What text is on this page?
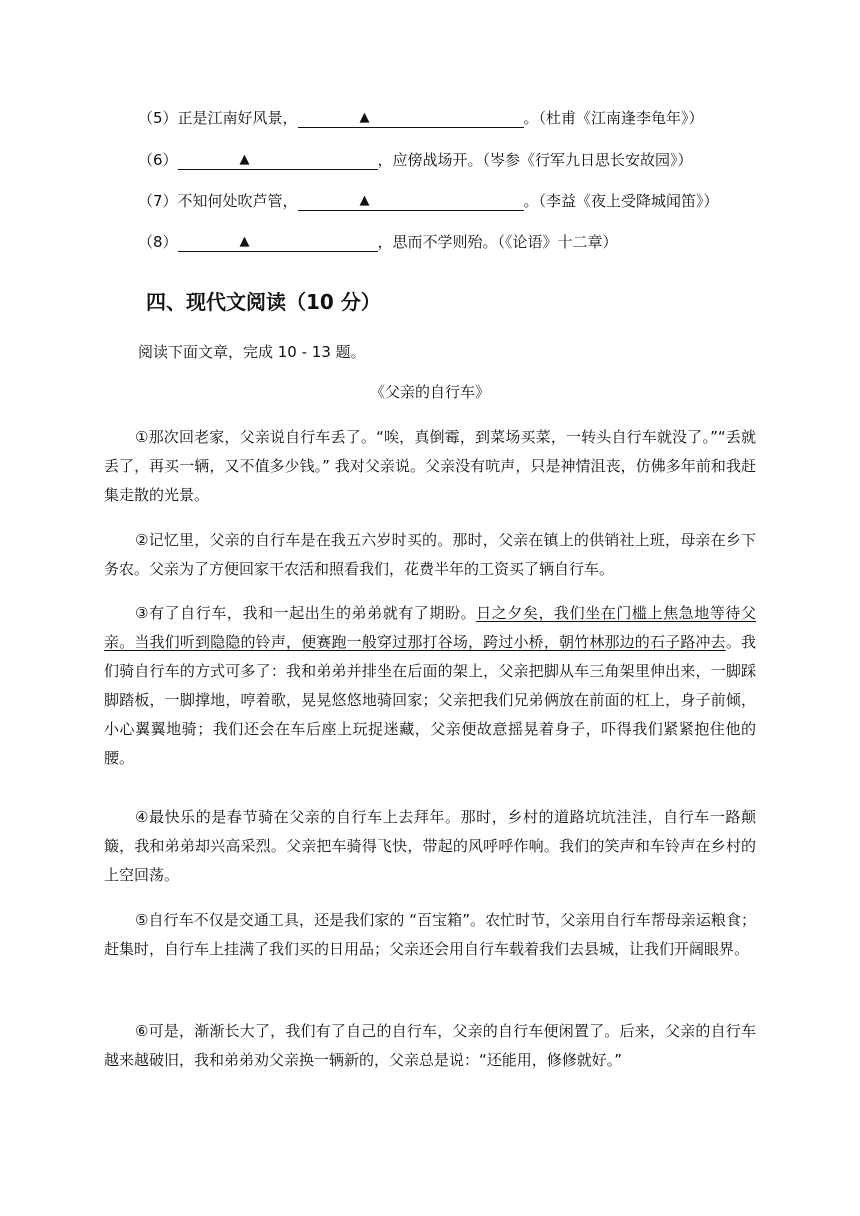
（5）正是江南好风景，	▲	。（杜甫《江南逢李龟年》）
（6）	▲	，应傍战场开。（岑参《行军九日思长安故园》）
（7）不知何处吹芦管，	▲	。（李益《夜上受降城闻笛》）
（8）	▲	，思而不学则殆。（《论语》十二章）
四、现代文阅读（10 分）
阅读下面文章，完成 10 - 13 题。
《父亲的自行车》

①那次回老家，父亲说自行车丢了。“唉，真倒霉，到菜场买菜，一转头自行车就没了。”“丢就丢了，再买一辆，又不值多少钱。” 我对父亲说。父亲没有吭声，只是神情沮丧，仿佛多年前和我赶集走散的光景。

②记忆里，父亲的自行车是在我五六岁时买的。那时，父亲在镇上的供销社上班，母亲在乡下务农。父亲为了方便回家干农活和照看我们，花费半年的工资买了辆自行车。

③有了自行车，我和一起出生的弟弟就有了期盼。日之夕矣，我们坐在门槛上焦急地等待父亲。当我们听到隐隐的铃声，便赛跑一般穿过那打谷场，跨过小桥，朝竹林那边的石子路冲去。我们骑自行车的方式可多了：我和弟弟并排坐在后面的架上，父亲把脚从车三角架里伸出来，一脚踩脚踏板，一脚撑地，哼着歌，晃晃悠悠地骑回家；父亲把我们兄弟俩放在前面的杠上，身子前倾，小心翼翼地骑；我们还会在车后座上玩捉迷藏，父亲便故意摇晃着身子，吓得我们紧紧抱住他的腰。

④最快乐的是春节骑在父亲的自行车上去拜年。那时，乡村的道路坑坑洼洼，自行车一路颠簸，我和弟弟却兴高采烈。父亲把车骑得飞快，带起的风呼呼作响。我们的笑声和车铃声在乡村的上空回荡。

⑤自行车不仅是交通工具，还是我们家的 “百宝箱”。农忙时节，父亲用自行车帮母亲运粮食；赶集时，自行车上挂满了我们买的日用品；父亲还会用自行车载着我们去县城，让我们开阔眼界。

⑥可是，渐渐长大了，我们有了自己的自行车，父亲的自行车便闲置了。后来，父亲的自行车越来越破旧，我和弟弟劝父亲换一辆新的，父亲总是说：“还能用，修修就好。”
